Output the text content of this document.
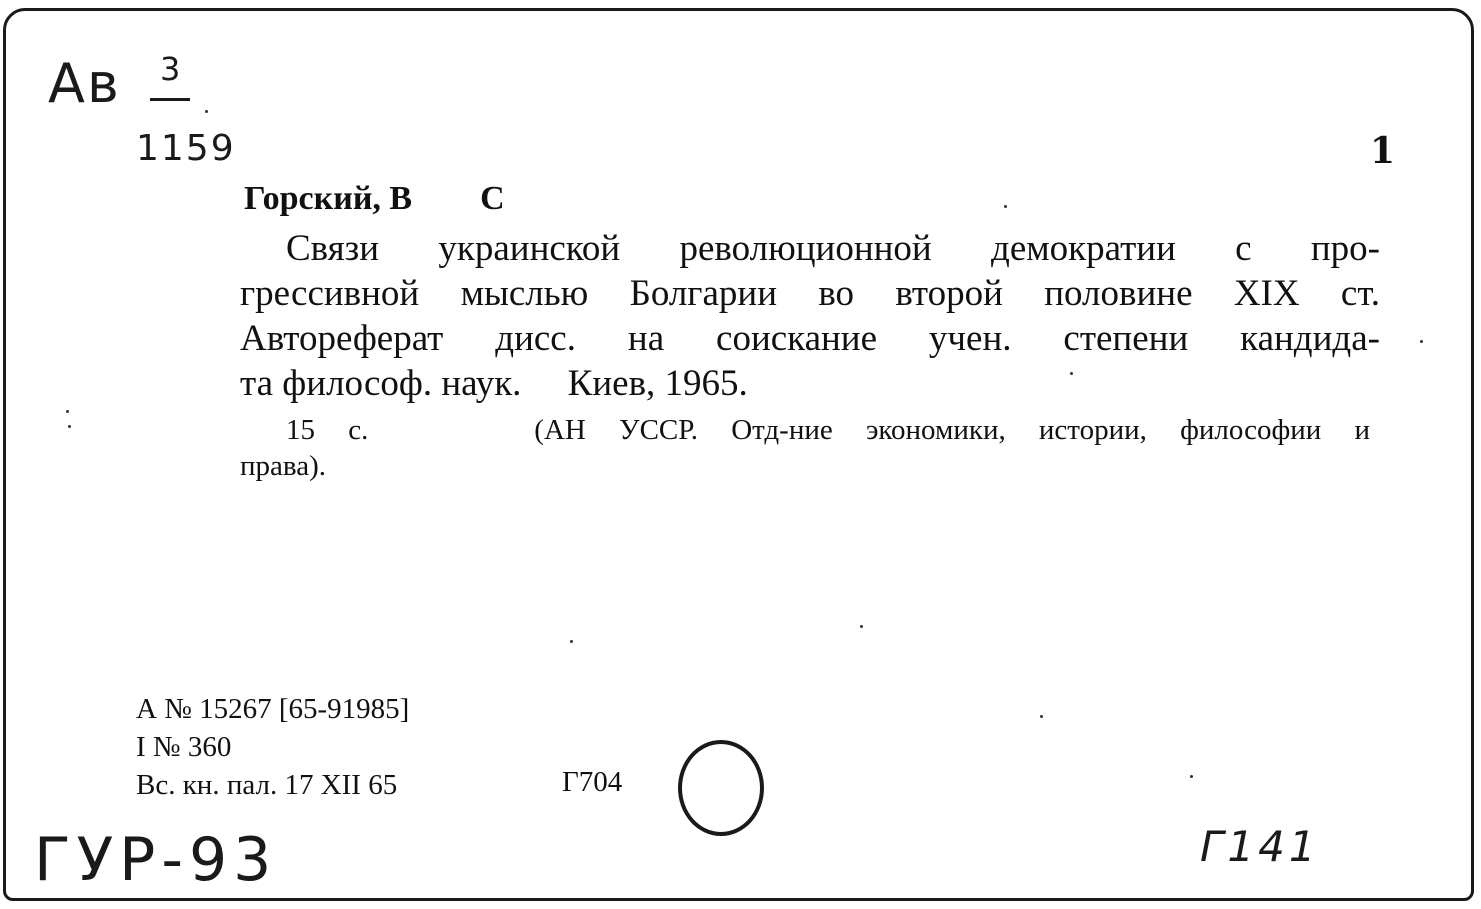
Ав 3
1159	1
Горский, В        С
Связи украинской революционной демократии с про-
грессивной мыслью Болгарии во второй половине XIX ст.
Автореферат дисс. на соискание учен. степени кандида-
та философ. наук.     Киев, 1965.
15 с.     (АН УССР. Отд-ние экономики, истории, философии и
права).
А № 15267 [65-91985]
I № 360
Вс. кн. пал. 17 XII 65	Г704
ГУР-93	Г141
